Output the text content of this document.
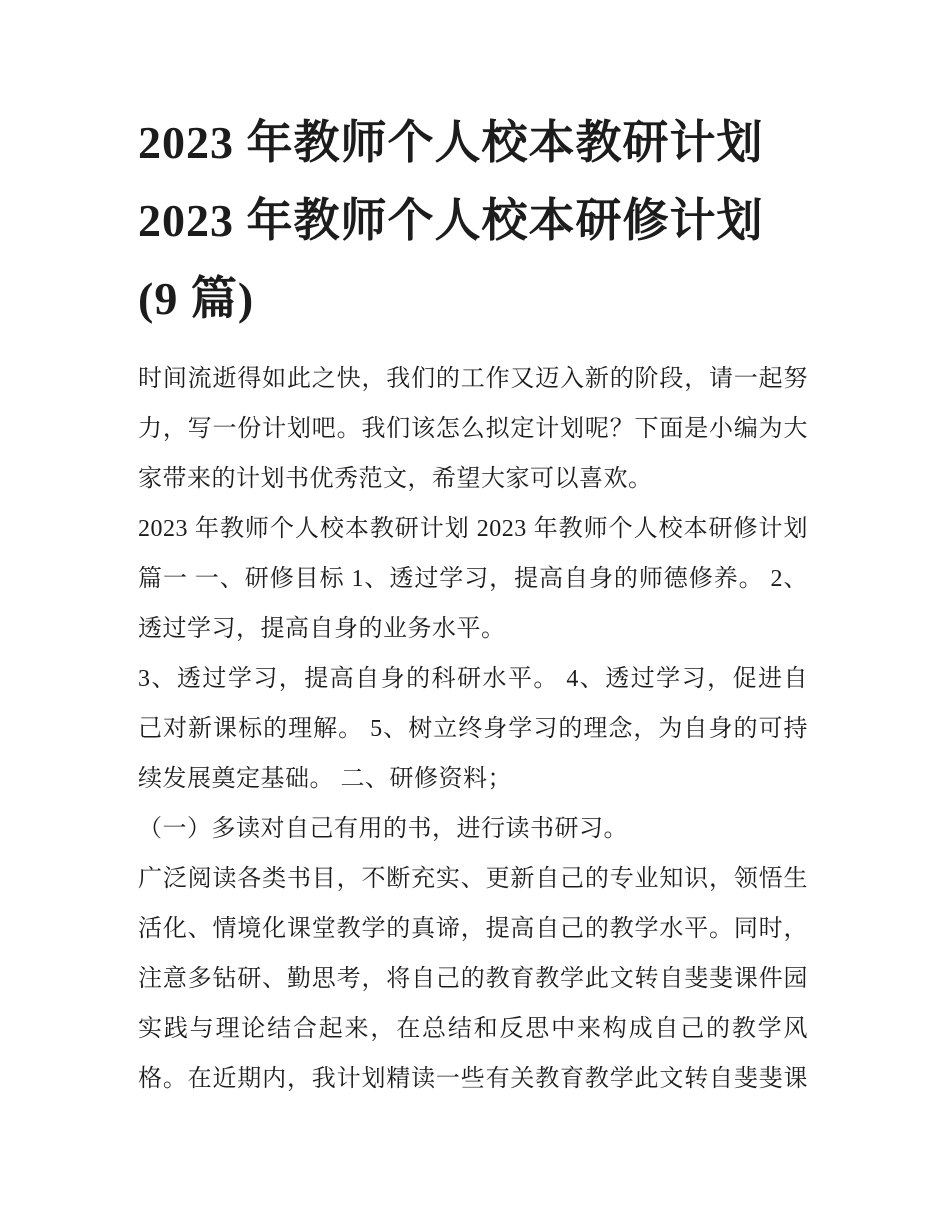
2023 年教师个人校本教研计划
2023 年教师个人校本研修计划
(9 篇)
时间流逝得如此之快，我们的工作又迈入新的阶段，请一起努
力，写一份计划吧。我们该怎么拟定计划呢？下面是小编为大
家带来的计划书优秀范文，希望大家可以喜欢。
2023 年教师个人校本教研计划 2023 年教师个人校本研修计划
篇一 一、研修目标 1、透过学习，提高自身的师德修养。 2、
透过学习，提高自身的业务水平。
3、透过学习，提高自身的科研水平。 4、透过学习，促进自
己对新课标的理解。 5、树立终身学习的理念，为自身的可持
续发展奠定基础。 二、研修资料；
（一）多读对自己有用的书，进行读书研习。
广泛阅读各类书目，不断充实、更新自己的专业知识，领悟生
活化、情境化课堂教学的真谛，提高自己的教学水平。同时，
注意多钻研、勤思考，将自己的教育教学此文转自斐斐课件园
实践与理论结合起来，在总结和反思中来构成自己的教学风
格。在近期内，我计划精读一些有关教育教学此文转自斐斐课
